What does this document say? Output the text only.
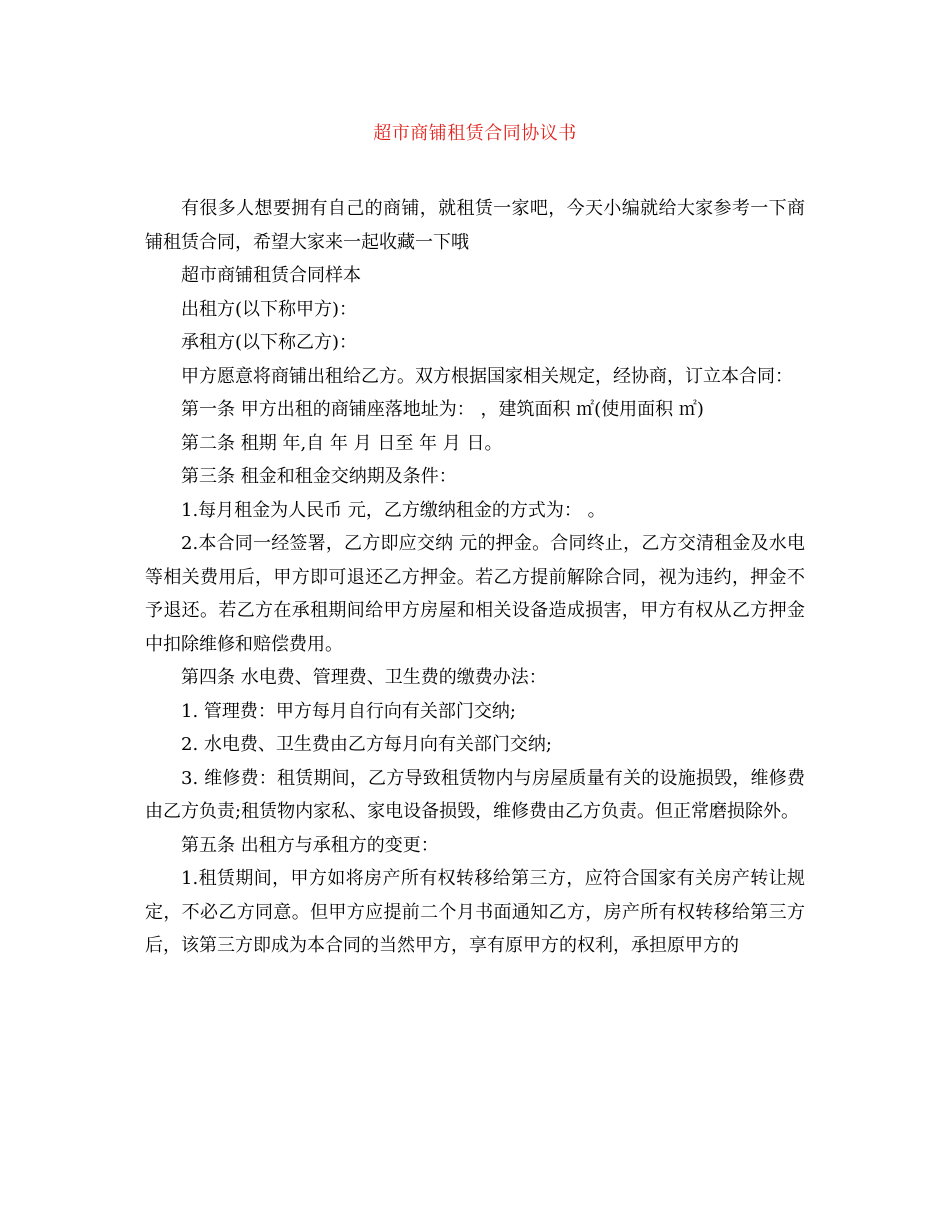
超市商铺租赁合同协议书

有很多人想要拥有自己的商铺，就租赁一家吧，今天小编就给大家参考一下商铺租赁合同，希望大家来一起收藏一下哦

超市商铺租赁合同样本

出租方(以下称甲方)：

承租方(以下称乙方)：

甲方愿意将商铺出租给乙方。双方根据国家相关规定，经协商，订立本合同：

第一条 甲方出租的商铺座落地址为： ，建筑面积 ㎡(使用面积 ㎡)

第二条 租期 年,自 年 月 日至 年 月 日。

第三条 租金和租金交纳期及条件：

1.每月租金为人民币 元，乙方缴纳租金的方式为： 。

2.本合同一经签署，乙方即应交纳 元的押金。合同终止，乙方交清租金及水电等相关费用后，甲方即可退还乙方押金。若乙方提前解除合同，视为违约，押金不予退还。若乙方在承租期间给甲方房屋和相关设备造成损害，甲方有权从乙方押金中扣除维修和赔偿费用。

第四条 水电费、管理费、卫生费的缴费办法：

1. 管理费：甲方每月自行向有关部门交纳;

2. 水电费、卫生费由乙方每月向有关部门交纳;

3. 维修费：租赁期间，乙方导致租赁物内与房屋质量有关的设施损毁，维修费由乙方负责;租赁物内家私、家电设备损毁，维修费由乙方负责。但正常磨损除外。

第五条 出租方与承租方的变更：

1.租赁期间，甲方如将房产所有权转移给第三方，应符合国家有关房产转让规定，不必乙方同意。但甲方应提前二个月书面通知乙方，房产所有权转移给第三方后，该第三方即成为本合同的当然甲方，享有原甲方的权利，承担原甲方的
